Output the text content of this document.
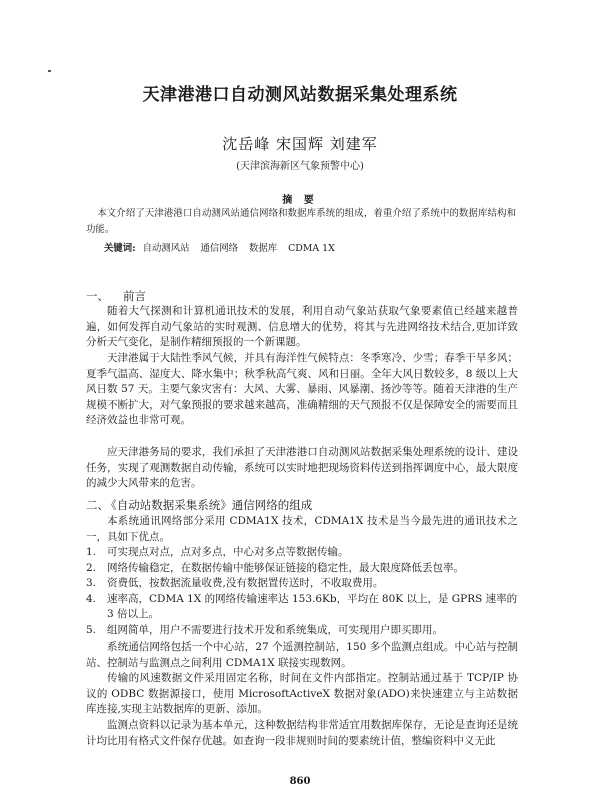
天津港港口自动测风站数据采集处理系统
沈岳峰 宋国辉 刘建军
(天津滨海新区气象预警中心)
摘 要
本文介绍了天津港港口自动测风站通信网络和数据库系统的组成，着重介绍了系统中的数据库结构和功能。
关键词: 自动测风站 通信网络 数据库 CDMA 1X
一、 前言
随着大气探测和计算机通讯技术的发展，利用自动气象站获取气象要素值已经越来越普遍，如何发挥自动气象站的实时观测、信息增大的优势，将其与先进网络技术结合,更加详致分析天气变化，是制作精细预报的一个新课题。
天津港属于大陆性季风气候，并具有海洋性气候特点：冬季寒冷、少雪；春季干旱多风；夏季气温高、湿度大、降水集中；秋季秋高气爽、风和日丽。全年大风日数较多，8 级以上大风日数 57 天。主要气象灾害有：大风、大雾、暴雨、风暴潮、扬沙等等。随着天津港的生产规模不断扩大，对气象预报的要求越来越高，准确精细的天气预报不仅是保障安全的需要而且经济效益也非常可观。
应天津港务局的要求，我们承担了天津港港口自动测风站数据采集处理系统的设计、建设任务，实现了观测数据自动传输，系统可以实时地把现场资料传送到指挥调度中心，最大限度的减少大风带来的危害。
二、 《自动站数据采集系统》通信网络的组成
本系统通讯网络部分采用 CDMA1X 技术，CDMA1X 技术是当今最先进的通讯技术之一，具如下优点。
1. 可实现点对点，点对多点，中心对多点等数据传输。
2. 网络传输稳定，在数据传输中能够保证链接的稳定性，最大限度降低丢包率。
3. 资费低，按数据流量收费,没有数据置传送时，不收取费用。
4. 速率高，CDMA 1X 的网络传输速率达 153.6Kb，平均在 80K 以上，是 GPRS 速率的 3 倍以上。
5. 组网简单，用户不需要进行技术开发和系统集成，可实现用户即买即用。
系统通信网络包括一个中心站，27 个遥测控制站，150 多个监测点组成。中心站与控制站、控制站与监测点之间利用 CDMA1X 联接实现数网。
传输的风速数据文件采用固定名称，时间在文件内部指定。控制站通过基于 TCP/IP 协议的 ODBC 数据源接口，使用 MicrosoftActiveX 数据对象(ADO)来快速建立与主站数据库连接,实现主站数据库的更新、添加。
监测点资料以记录为基本单元，这种数据结构非常适宜用数据库保存，无论是查询还是统计均比用有格式文件保存优越。如查询一段非规则时间的要素统计值，整编资料中义无此
860
